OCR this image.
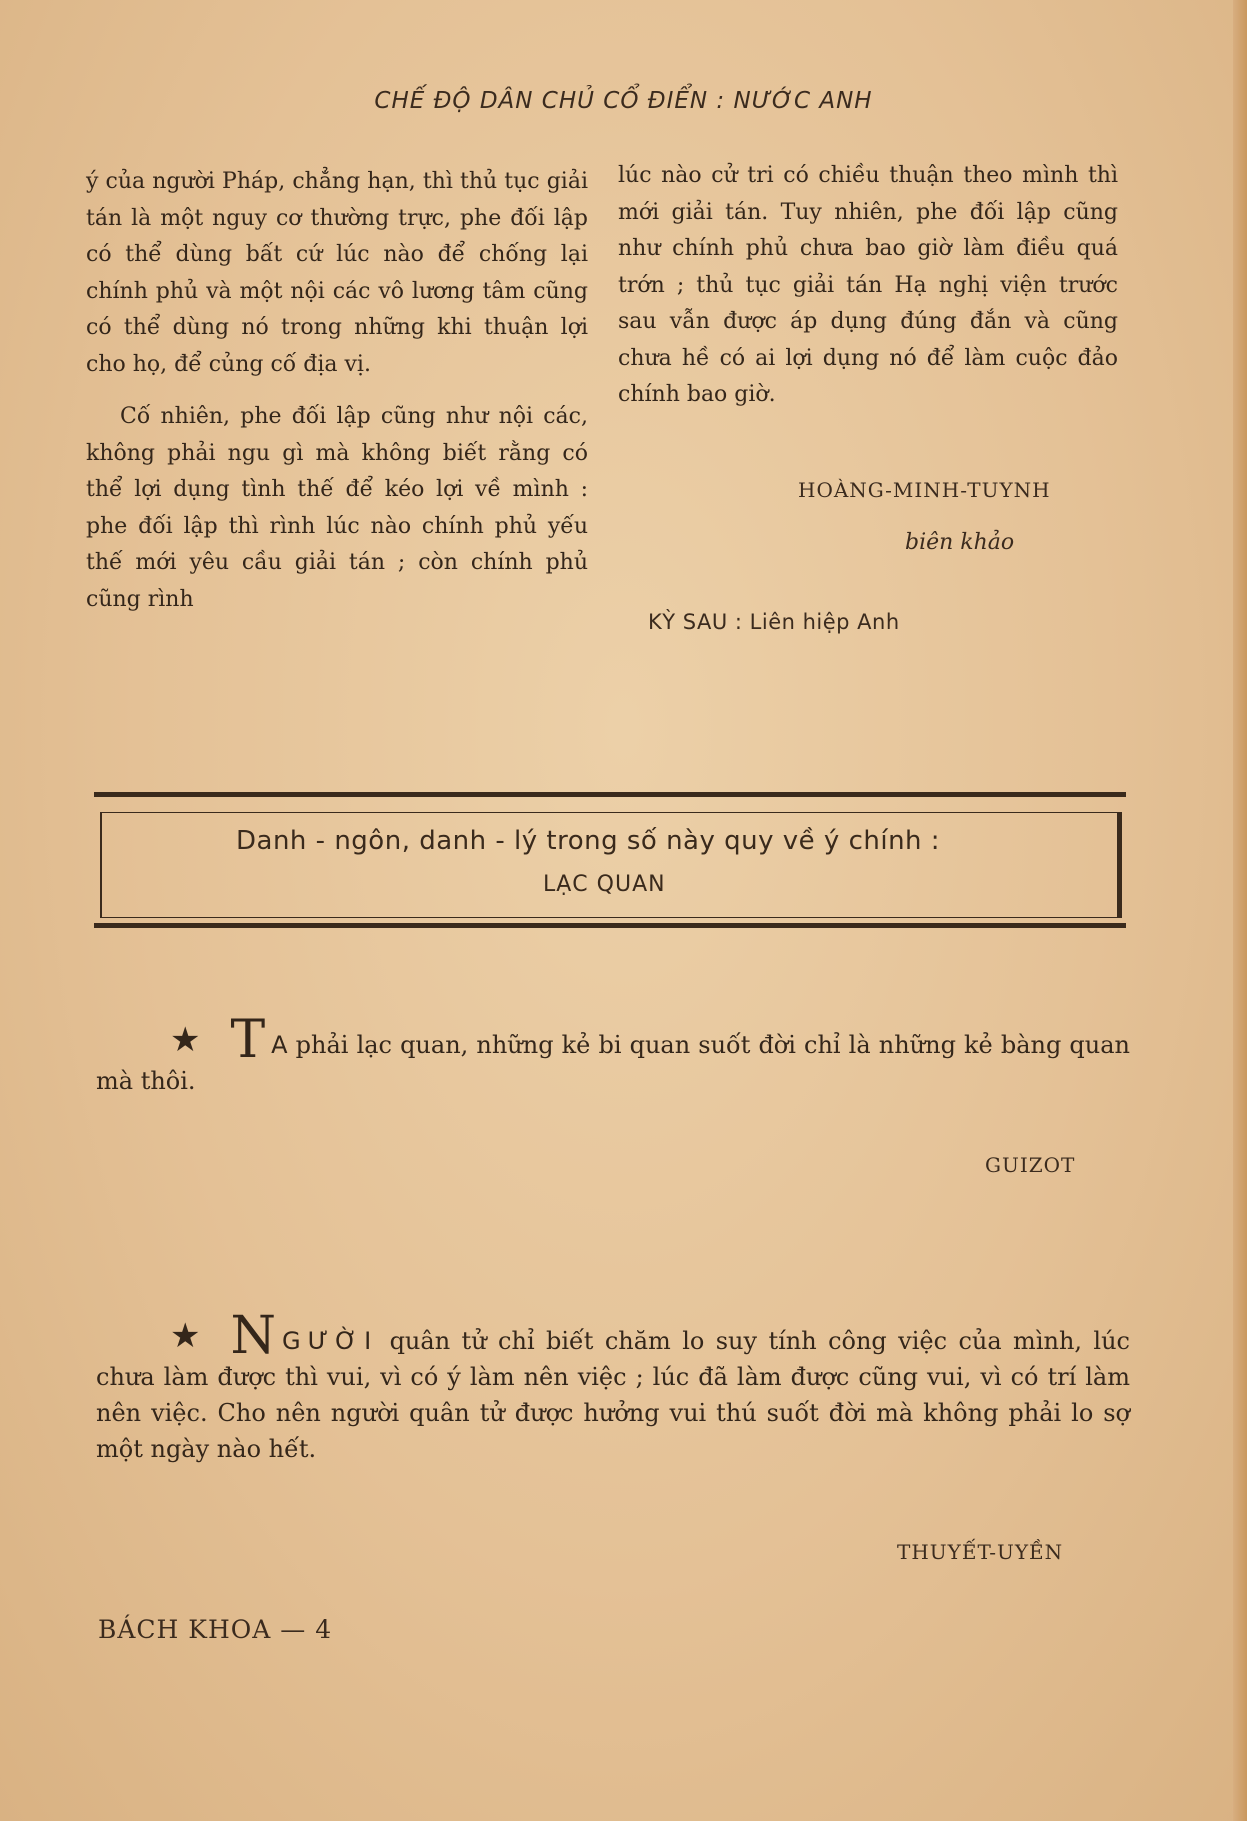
CHẾ ĐỘ DÂN CHỦ CỔ ĐIỂN : NƯỚC ANH

ý của người Pháp, chẳng hạn, thì thủ tục giải tán là một nguy cơ thường trực, phe đối lập có thể dùng bất cứ lúc nào để chống lại chính phủ và một nội các vô lương tâm cũng có thể dùng nó trong những khi thuận lợi cho họ, để củng cố địa vị.

Cố nhiên, phe đối lập cũng như nội các, không phải ngu gì mà không biết rằng có thể lợi dụng tình thế để kéo lợi về mình : phe đối lập thì rình lúc nào chính phủ yếu thế mới yêu cầu giải tán ; còn chính phủ cũng rình

lúc nào cử tri có chiều thuận theo mình thì mới giải tán. Tuy nhiên, phe đối lập cũng như chính phủ chưa bao giờ làm điều quá trớn ; thủ tục giải tán Hạ nghị viện trước sau vẫn được áp dụng đúng đắn và cũng chưa hề có ai lợi dụng nó để làm cuộc đảo chính bao giờ.

HOÀNG-MINH-TUYNH
biên khảo
KỲ SAU : Liên hiệp Anh
Danh - ngôn, danh - lý trong số này quy về ý chính :
LẠC QUAN
★ T A phải lạc quan, những kẻ bi quan suốt đời chỉ là những kẻ bàng quan mà thôi.
GUIZOT
★ N GƯỜI quân tử chỉ biết chăm lo suy tính công việc của mình, lúc chưa làm được thì vui, vì có ý làm nên việc ; lúc đã làm được cũng vui, vì có trí làm nên việc. Cho nên người quân tử được hưởng vui thú suốt đời mà không phải lo sợ một ngày nào hết.
THUYẾT-UYỀN
BÁCH KHOA — 4
